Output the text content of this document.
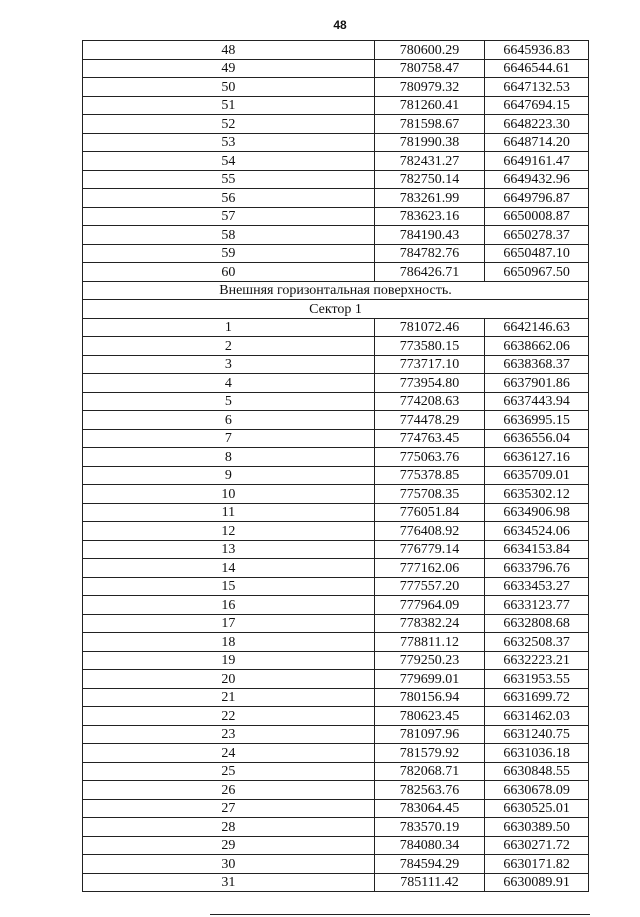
48
48	780600.29	6645936.83
49	780758.47	6646544.61
50	780979.32	6647132.53
51	781260.41	6647694.15
52	781598.67	6648223.30
53	781990.38	6648714.20
54	782431.27	6649161.47
55	782750.14	6649432.96
56	783261.99	6649796.87
57	783623.16	6650008.87
58	784190.43	6650278.37
59	784782.76	6650487.10
60	786426.71	6650967.50
Внешняя горизонтальная поверхность.		
Сектор 1		
1	781072.46	6642146.63
2	773580.15	6638662.06
3	773717.10	6638368.37
4	773954.80	6637901.86
5	774208.63	6637443.94
6	774478.29	6636995.15
7	774763.45	6636556.04
8	775063.76	6636127.16
9	775378.85	6635709.01
10	775708.35	6635302.12
11	776051.84	6634906.98
12	776408.92	6634524.06
13	776779.14	6634153.84
14	777162.06	6633796.76
15	777557.20	6633453.27
16	777964.09	6633123.77
17	778382.24	6632808.68
18	778811.12	6632508.37
19	779250.23	6632223.21
20	779699.01	6631953.55
21	780156.94	6631699.72
22	780623.45	6631462.03
23	781097.96	6631240.75
24	781579.92	6631036.18
25	782068.71	6630848.55
26	782563.76	6630678.09
27	783064.45	6630525.01
28	783570.19	6630389.50
29	784080.34	6630271.72
30	784594.29	6630171.82
31	785111.42	6630089.91
